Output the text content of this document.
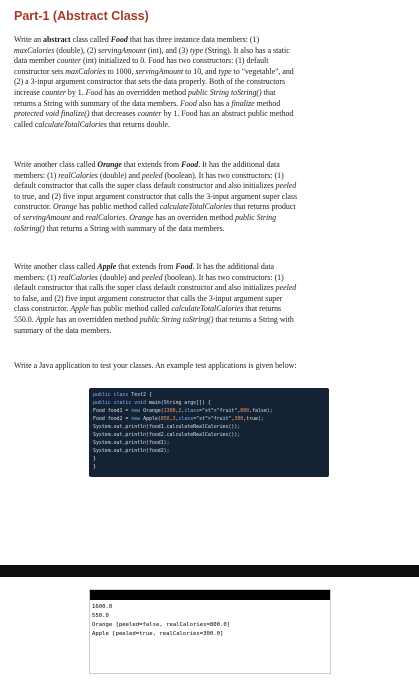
Part-1 (Abstract Class)
Write an abstract class called Food that has three instance data members: (1)
maxCalories (double), (2) servingAmount (int), and (3) type (String). It also has a static
data member counter (int) initialized to 0. Food has two constructors: (1) default
constructor sets maxCalories to 1000, servingAmount to 10, and type to "vegetable", and
(2) a 3-input argument constructor that sets the data properly. Both of the constructors
increase counter by 1. Food has an overridden method public String toString() that
returns a String with summary of the data members. Food also has a finalize method
protected void finalize() that decreases counter by 1. Food has an abstract public method
called calculateTotalCalories that returns double.
Write another class called Orange that extends from Food. It has the additional data
members: (1) realCalories (double) and peeled (boolean). It has two constructors: (1)
default constructor that calls the super class default constructor and also initializes peeled
to true, and (2) five input argument constructor that calls the 3-input argument super class
constructor. Orange has public method called calculateTotalCalories that returns product
of servingAmount and realCalories. Orange has an overriden method public String
toString() that returns a String with summary of the data members.
Write another class called Apple that extends from Food. It has the additional data
members: (1) realCalories (double) and peeled (boolean). It has two constructors: (1)
default constructor that calls the super class default constructor and also initializes peeled
to false, and (2) five input argument constructor that calls the 3-input argument super
class constructor. Apple has public method called calculateTotalCalories that returns
550.0. Apple has an overridden method public String toString() that returns a String with
summary of the data members.
Write a Java application to test your classes. An example test applications is given below:
public class Test2 {
public static void main(String args[]) {
Food food1 = new Orange(1300,2,class="st">"fruit",800,false);
Food food2 = new Apple(850,3,class="st">"fruit",300,true);
System.out.println(food1.calculateRealCalories());
System.out.println(food2.calculateRealCalories());
System.out.println(food1);
System.out.println(food2);
}
}
sekmen@Alis-MacBook-Pro ASSIGNMENT-7 % java Test2
1600.0
550.0
Orange [peeled=false, realCalories=800.0]
Apple [peeled=true, realCalories=300.0]
